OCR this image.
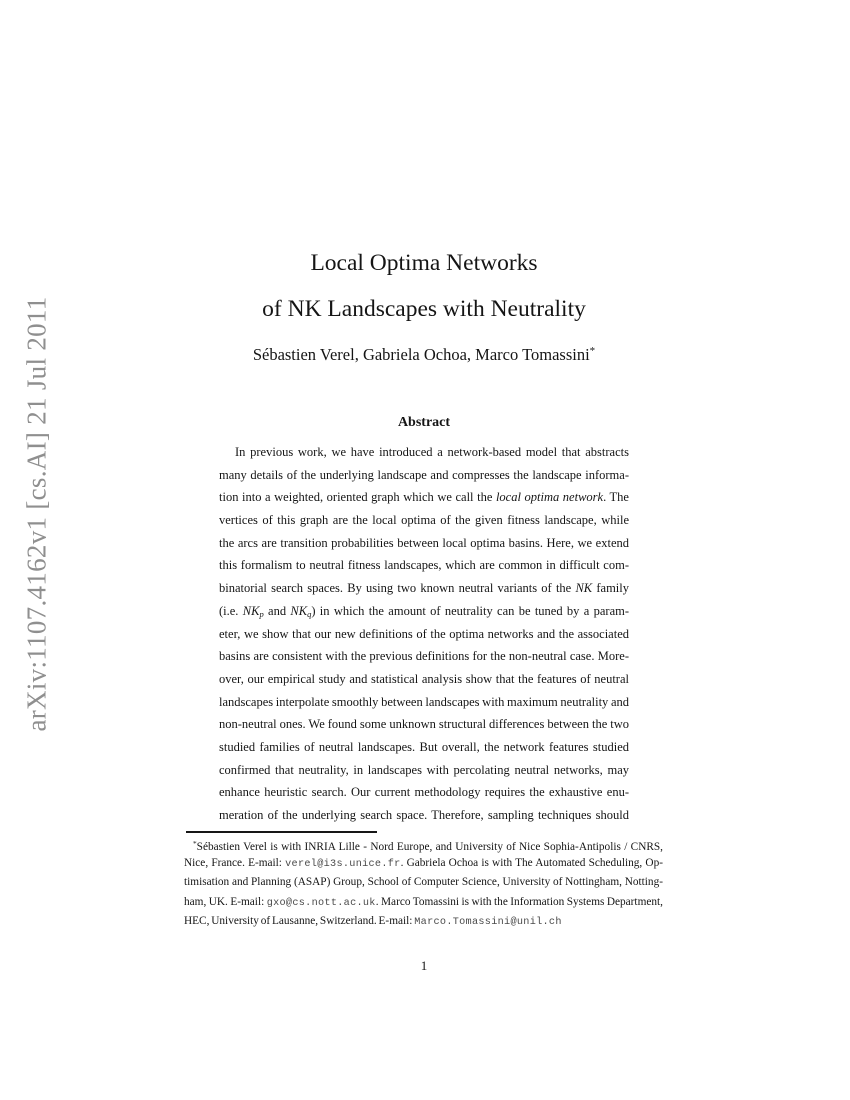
arXiv:1107.4162v1 [cs.AI] 21 Jul 2011
Local Optima Networks
of NK Landscapes with Neutrality
Sébastien Verel, Gabriela Ochoa, Marco Tomassini*
Abstract
In previous work, we have introduced a network-based model that abstracts
many details of the underlying landscape and compresses the landscape informa-
tion into a weighted, oriented graph which we call the local optima network. The
vertices of this graph are the local optima of the given fitness landscape, while
the arcs are transition probabilities between local optima basins. Here, we extend
this formalism to neutral fitness landscapes, which are common in difficult com-
binatorial search spaces. By using two known neutral variants of the NK family
(i.e. NKp and NKq) in which the amount of neutrality can be tuned by a param-
eter, we show that our new definitions of the optima networks and the associated
basins are consistent with the previous definitions for the non-neutral case. More-
over, our empirical study and statistical analysis show that the features of neutral
landscapes interpolate smoothly between landscapes with maximum neutrality and
non-neutral ones. We found some unknown structural differences between the two
studied families of neutral landscapes. But overall, the network features studied
confirmed that neutrality, in landscapes with percolating neutral networks, may
enhance heuristic search. Our current methodology requires the exhaustive enu-
meration of the underlying search space. Therefore, sampling techniques should
*Sébastien Verel is with INRIA Lille - Nord Europe, and University of Nice Sophia-Antipolis / CNRS,
Nice, France. E-mail: verel@i3s.unice.fr. Gabriela Ochoa is with The Automated Scheduling, Op-
timisation and Planning (ASAP) Group, School of Computer Science, University of Nottingham, Notting-
ham, UK. E-mail: gxo@cs.nott.ac.uk. Marco Tomassini is with the Information Systems Department,
HEC, University of Lausanne, Switzerland. E-mail: Marco.Tomassini@unil.ch
1
